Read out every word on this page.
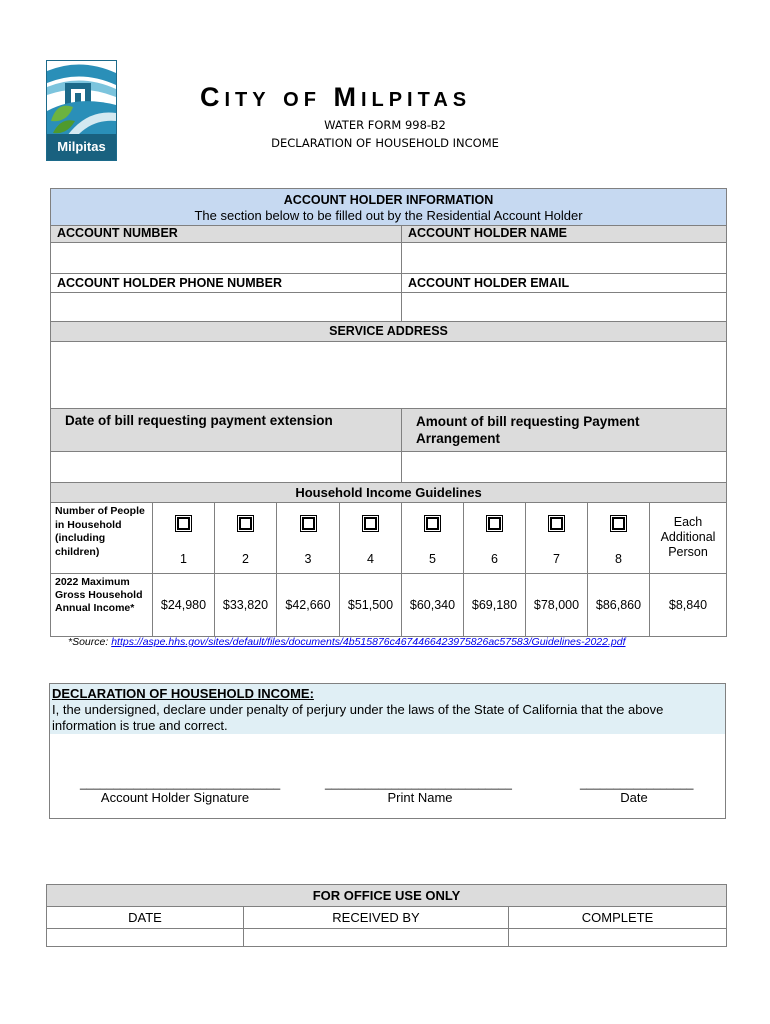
Milpitas
CITY OF MILPITAS
WATER FORM 998-B2
DECLARATION OF HOUSEHOLD INCOME
ACCOUNT HOLDER INFORMATION
The section below to be filled out by the Residential Account Holder	

ACCOUNT NUMBER	ACCOUNT HOLDER NAME

ACCOUNT HOLDER PHONE NUMBER	ACCOUNT HOLDER EMAIL

SERVICE ADDRESS	

Date of bill requesting payment extension	Amount of bill requesting Payment Arrangement

Household Income Guidelines									
Number of People in Household (including children)	1	2	3	4	5	6	7	8	Each Additional Person
2022 Maximum Gross Household Annual Income*	$24,980	$33,820	$42,660	$51,500	$60,340	$69,180	$78,000	$86,860	$8,840
*Source: https://aspe.hhs.gov/sites/default/files/documents/4b515876c4674466423975826ac57583/Guidelines-2022.pdf
DECLARATION OF HOUSEHOLD INCOME:
I, the undersigned, declare under penalty of perjury under the laws of the State of California that the above information is true and correct.
______________________________	____________________________	_________________
Account Holder Signature	Print Name	Date
FOR OFFICE USE ONLY		
DATE	RECEIVED BY	COMPLETE
